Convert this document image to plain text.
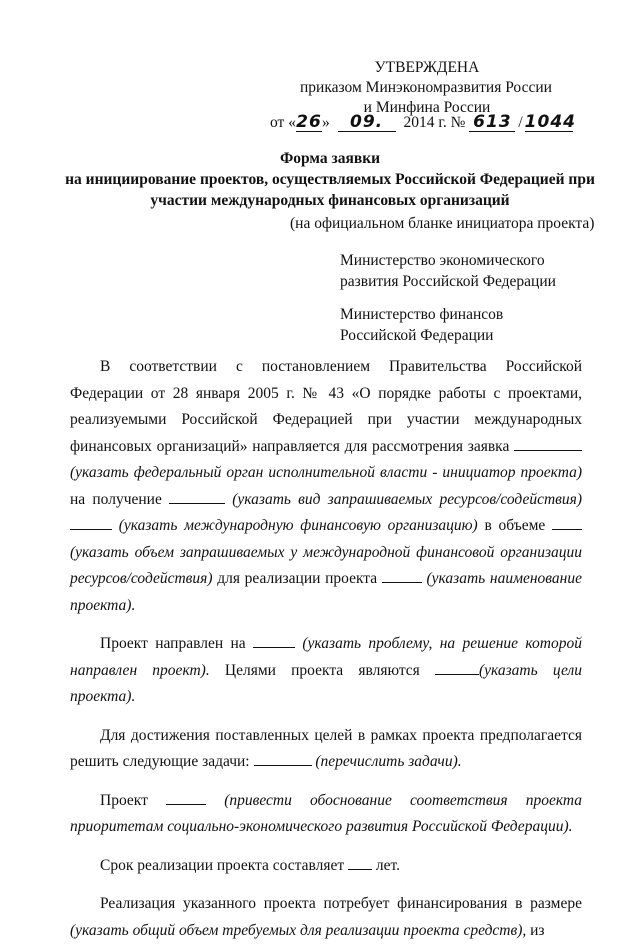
УТВЕРЖДЕНА
приказом Минэкономразвития России
и Минфина России
от «26» 09. 2014 г. № 613 / 1044
Форма заявки
на инициирование проектов, осуществляемых Российской Федерацией при
участии международных финансовых организаций
(на официальном бланке инициатора проекта)
Министерство экономического
развития Российской Федерации
Министерство финансов
Российской Федерации

В соответствии с постановлением Правительства Российской Федерации от 28 января 2005 г. № 43 «О порядке работы с проектами, реализуемыми Российской Федерацией при участии международных финансовых организаций» направляется для рассмотрения заявка  (указать федеральный орган исполнительной власти - инициатор проекта) на получение	(указать вид запрашиваемых ресурсов/содействия)  (указать международную финансовую организацию) в объеме  (указать объем запрашиваемых у международной финансовой организации ресурсов/содействия) для реализации проекта	(указать наименование проекта).

Проект направлен на	(указать проблему, на решение которой направлен проект). Целями проекта являются	(указать цели проекта).

Для достижения поставленных целей в рамках проекта предполагается решить следующие задачи:	(перечислить задачи).

Проект	(привести обоснование соответствия проекта приоритетам социально-экономического развития Российской Федерации).

Срок реализации проекта составляет лет.

Реализация указанного проекта потребует финансирования в размере (указать общий объем требуемых для реализации проекта средств), из
